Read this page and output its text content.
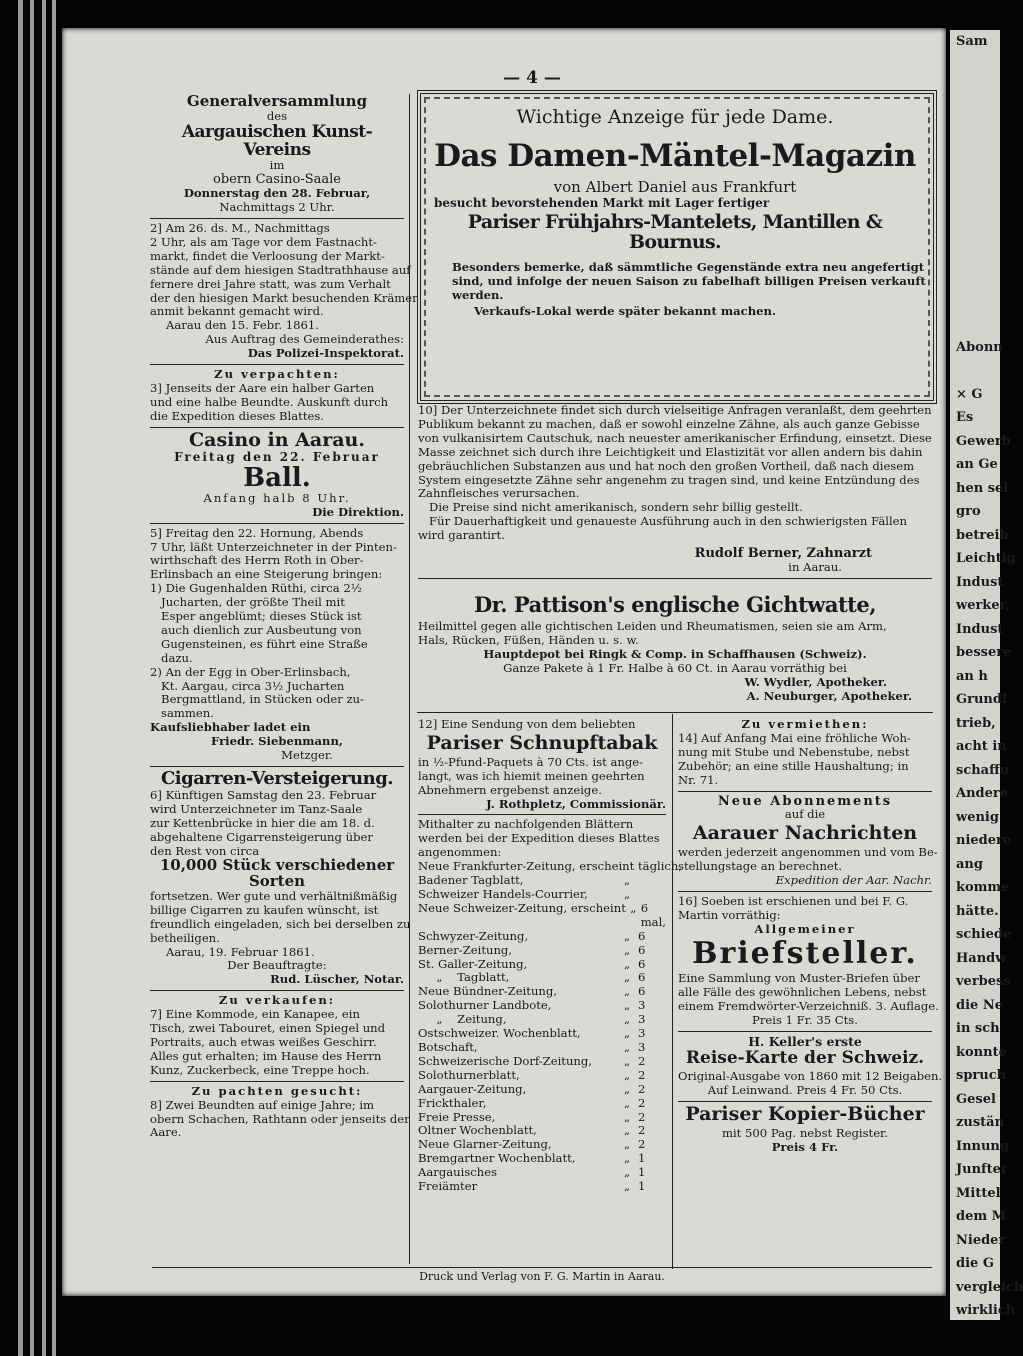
Sam

Abonn

× G
Es
Gewerb
an Ge
hen sel
gro
betreib
Leichtig
Indust
werker,
Indust
bessere
an h
Grundl
trieb,
acht in
schaffu
Andere
wenig
niedere
ang
komme
hätte.
schiede
Handw
verbess
die Ne
in sch
konnte
spruch
Gesel
zustän
Innung
Junfter
Mittel
dem M
Nieder
die G
vergleich
wirklich
— 4 —
Generalversammlung
des
Aargauischen Kunst-Vereins
im
obern Casino-Saale
Donnerstag den 28. Februar,
Nachmittags 2 Uhr.
2] Am 26. ds. M., Nachmittags
2 Uhr, als am Tage vor dem Fastnacht-
markt, findet die Verloosung der Markt-
stände auf dem hiesigen Stadtrathhause auf
fernere drei Jahre statt, was zum Verhalt
der den hiesigen Markt besuchenden Krämer
anmit bekannt gemacht wird.
Aarau den 15. Febr. 1861.
Aus Auftrag des Gemeinderathes:
Das Polizei-Inspektorat.
Zu verpachten:
3] Jenseits der Aare ein halber Garten
und eine halbe Beundte. Auskunft durch
die Expedition dieses Blattes.
Casino in Aarau.
Freitag den 22. Februar
Ball.
Anfang halb 8 Uhr.
Die Direktion.
5] Freitag den 22. Hornung, Abends
7 Uhr, läßt Unterzeichneter in der Pinten-
wirthschaft des Herrn Roth in Ober-
Erlinsbach an eine Steigerung bringen:
1) Die Gugenhalden Rüthi, circa 2½
Jucharten, der größte Theil mit
Esper angeblümt; dieses Stück ist
auch dienlich zur Ausbeutung von
Gugensteinen, es führt eine Straße
dazu.
2) An der Egg in Ober-Erlinsbach,
Kt. Aargau, circa 3½ Jucharten
Bergmattland, in Stücken oder zu-
sammen.
Kaufsliebhaber ladet ein
Friedr. Siebenmann,
Metzger.
Cigarren-Versteigerung.
6] Künftigen Samstag den 23. Februar
wird Unterzeichneter im Tanz-Saale
zur Kettenbrücke in hier die am 18. d.
abgehaltene Cigarrensteigerung über
den Rest von circa
10,000 Stück verschiedener
Sorten
fortsetzen. Wer gute und verhältnißmäßig
billige Cigarren zu kaufen wünscht, ist
freundlich eingeladen, sich bei derselben zu
betheiligen.
Aarau, 19. Februar 1861.
Der Beauftragte:
Rud. Lüscher, Notar.
Zu verkaufen:
7] Eine Kommode, ein Kanapee, ein
Tisch, zwei Tabouret, einen Spiegel und
Portraits, auch etwas weißes Geschirr.
Alles gut erhalten; im Hause des Herrn
Kunz, Zuckerbeck, eine Treppe hoch.
Zu pachten gesucht:
8] Zwei Beundten auf einige Jahre; im
obern Schachen, Rathtann oder jenseits der
Aare.
Wichtige Anzeige für jede Dame.
Das Damen-Mäntel-Magazin
von Albert Daniel aus Frankfurt
besucht bevorstehenden Markt mit Lager fertiger
Pariser Frühjahrs-Mantelets, Mantillen & Bournus.
Besonders bemerke, daß sämmtliche Gegenstände extra neu angefertigt
sind, und infolge der neuen Saison zu fabelhaft billigen Preisen verkauft
werden.
Verkaufs-Lokal werde später bekannt machen.
10] Der Unterzeichnete findet sich durch vielseitige Anfragen veranlaßt, dem geehrten
Publikum bekannt zu machen, daß er sowohl einzelne Zähne, als auch ganze Gebisse
von vulkanisirtem Cautschuk, nach neuester amerikanischer Erfindung, einsetzt. Diese
Masse zeichnet sich durch ihre Leichtigkeit und Elastizität vor allen andern bis dahin
gebräuchlichen Substanzen aus und hat noch den großen Vortheil, daß nach diesem
System eingesetzte Zähne sehr angenehm zu tragen sind, und keine Entzündung des
Zahnfleisches verursachen.
Die Preise sind nicht amerikanisch, sondern sehr billig gestellt.
Für Dauerhaftigkeit und genaueste Ausführung auch in den schwierigsten Fällen
wird garantirt.
Rudolf Berner, Zahnarzt
in Aarau.
Dr. Pattison's englische Gichtwatte,
Heilmittel gegen alle gichtischen Leiden und Rheumatismen, seien sie am Arm,
Hals, Rücken, Füßen, Händen u. s. w.
Hauptdepot bei Ringk & Comp. in Schaffhausen (Schweiz).
Ganze Pakete à 1 Fr. Halbe à 60 Ct. in Aarau vorräthig bei
W. Wydler, Apotheker.
A. Neuburger, Apotheker.
12] Eine Sendung von dem beliebten
Pariser Schnupftabak
in ½-Pfund-Paquets à 70 Cts. ist ange-
langt, was ich hiemit meinen geehrten
Abnehmern ergebenst anzeige.
J. Rothpletz, Commissionär.
Mithalter zu nachfolgenden Blättern
werden bei der Expedition dieses Blattes
angenommen:
Neue Frankfurter-Zeitung, erscheint täglich,
Badener Tagblatt,	„
Schweizer Handels-Courrier,	„
Neue Schweizer-Zeitung, erscheint „ 6 mal,
Schwyzer-Zeitung,	„ 6
Berner-Zeitung,	„ 6
St. Galler-Zeitung,	„ 6
„    Tagblatt,	„ 6
Neue Bündner-Zeitung,	„ 6
Solothurner Landbote,	„ 3
„    Zeitung,	„ 3
Ostschweizer. Wochenblatt,	„ 3
Botschaft,	„ 3
Schweizerische Dorf-Zeitung,	„ 2
Solothurnerblatt,	„ 2
Aargauer-Zeitung,	„ 2
Frickthaler,	„ 2
Freie Presse,	„ 2
Oltner Wochenblatt,	„ 2
Neue Glarner-Zeitung,	„ 2
Bremgartner Wochenblatt,	„ 1
Aargauisches	„ 1
Freiämter	„ 1
Zu vermiethen:
14] Auf Anfang Mai eine fröhliche Woh-
nung mit Stube und Nebenstube, nebst
Zubehör; an eine stille Haushaltung; in
Nr. 71.
Neue Abonnements
auf die
Aarauer Nachrichten
werden jederzeit angenommen und vom Be-
stellungstage an berechnet.
Expedition der Aar. Nachr.
16] Soeben ist erschienen und bei F. G.
Martin vorräthig:
Allgemeiner
Briefsteller.
Eine Sammlung von Muster-Briefen über
alle Fälle des gewöhnlichen Lebens, nebst
einem Fremdwörter-Verzeichniß. 3. Auflage.
Preis 1 Fr. 35 Cts.
H. Keller's erste
Reise-Karte der Schweiz.
Original-Ausgabe von 1860 mit 12 Beigaben.
Auf Leinwand. Preis 4 Fr. 50 Cts.
Pariser Kopier-Bücher
mit 500 Pag. nebst Register.
Preis 4 Fr.
Druck und Verlag von F. G. Martin in Aarau.
